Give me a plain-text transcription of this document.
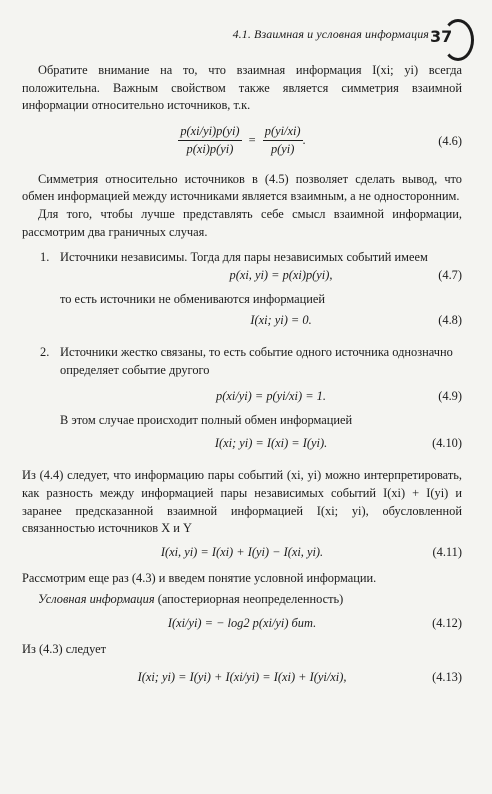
4.1. Взаимная и условная информация 37

Обратите внимание на то, что взаимная информация I(xi; yi) всегда положительна. Важным свойством также является симметрия взаимной информации относительно источников, т.к.

$\frac{p(xi/yi)p(yi)}{p(xi)p(yi)} = \frac{p(yi/xi)}{p(yi)}$ .	(4.6)

Симметрия относительно источников в (4.5) позволяет сделать вывод, что обмен информацией между источниками является взаимным, а не односторонним.

Для того, чтобы лучше представлять себе смысл взаимной информации, рассмотрим два граничных случая.

1. Источники независимы. Тогда для пары независимых событий имеем

p(xi, yi) = p(xi)p(yi),	(4.7)

то есть источники не обмениваются информацией

I(xi; yi) = 0.	(4.8)
2. Источники жестко связаны, то есть событие одного источника однозначно определяет событие другого

p(xi/yi) = p(yi/xi) = 1.	(4.9)

В этом случае происходит полный обмен информацией

I(xi; yi) = I(xi) = I(yi).	(4.10)

Из (4.4) следует, что информацию пары событий (xi, yi) можно интерпретировать, как разность между информацией пары независимых событий I(xi) + I(yi) и заранее предсказанной взаимной информацией I(xi; yi), обусловленной связанностью источников X и Y

I(xi, yi) = I(xi) + I(yi) − I(xi, yi).	(4.11)

Рассмотрим еще раз (4.3) и введем понятие условной информации.

Условная информация (апостериорная неопределенность)

I(xi/yi) = − log2 p(xi/yi) бит.	(4.12)

Из (4.3) следует

I(xi; yi) = I(yi) + I(xi/yi) = I(xi) + I(yi/xi),	(4.13)
